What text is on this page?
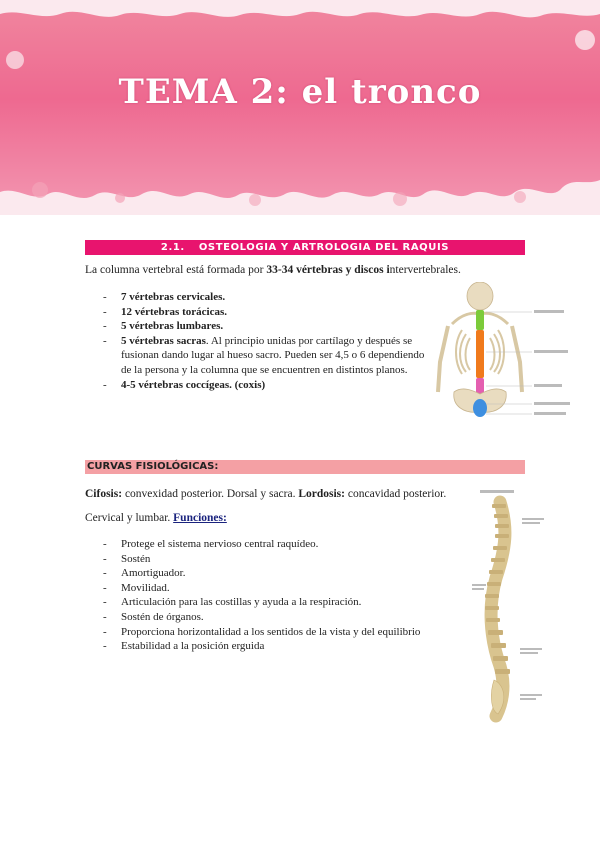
TEMA 2: el tronco
2.1. OSTEOLOGIA Y ARTROLOGIA DEL RAQUIS
La columna vertebral está formada por 33-34 vértebras y discos intervertebrales.
- 7 vértebras cervicales.
- 12 vértebras torácicas.
- 5 vértebras lumbares.
- 5 vértebras sacras. Al principio unidas por cartílago y después se fusionan dando lugar al hueso sacro. Pueden ser 4,5 o 6 dependiendo de la persona y la columna que se encuentren en distintos planos.
- 4-5 vértebras coccígeas. (coxis)
CURVAS FISIOLÓGICAS:
Cifosis: convexidad posterior. Dorsal y sacra. Lordosis: concavidad posterior.
Cervical y lumbar. Funciones:
- Protege el sistema nervioso central raquídeo.
- Sostén
- Amortiguador.
- Movilidad.
- Articulación para las costillas y ayuda a la respiración.
- Sostén de órganos.
- Proporciona horizontalidad a los sentidos de la vista y del equilibrio
- Estabilidad a la posición erguida
